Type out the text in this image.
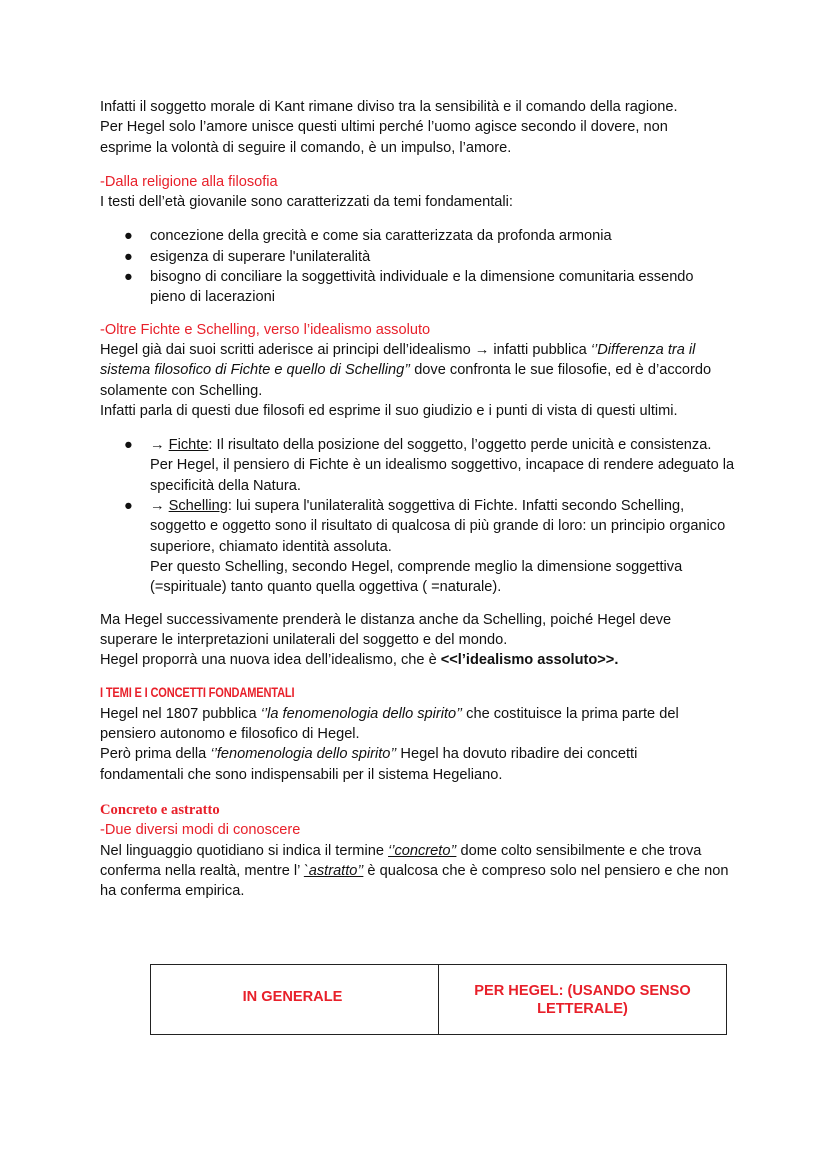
Infatti il soggetto morale di Kant rimane diviso tra la sensibilità e il comando della ragione.
Per Hegel solo l’amore unisce questi ultimi perché l’uomo agisce secondo il dovere, non
esprime la volontà di seguire il comando, è un impulso, l’amore.

-Dalla religione alla filosofia

I testi dell’età giovanile sono caratterizzati da temi fondamentali:

● concezione della grecità e come sia caratterizzata da profonda armonia
● esigenza di superare l'unilateralità
● bisogno di conciliare la soggettività individuale e la dimensione comunitaria essendo pieno di lacerazioni

-Oltre Fichte e Schelling, verso l’idealismo assoluto

Hegel già dai suoi scritti aderisce ai principi dell’idealismo → infatti pubblica ‘’Differenza tra il sistema filosofico di Fichte e quello di Schelling’’ dove confronta le sue filosofie, ed è d’accordo solamente con Schelling.

Infatti parla di questi due filosofi ed esprime il suo giudizio e i punti di vista di questi ultimi.

● → Fichte: Il risultato della posizione del soggetto, l’oggetto perde unicità e consistenza.
Per Hegel, il pensiero di Fichte è un idealismo soggettivo, incapace di rendere adeguato la specificità della Natura.
● → Schelling: lui supera l'unilateralità soggettiva di Fichte. Infatti secondo Schelling, soggetto e oggetto sono il risultato di qualcosa di più grande di loro: un principio organico superiore, chiamato identità assoluta.
Per questo Schelling, secondo Hegel, comprende meglio la dimensione soggettiva (=spirituale) tanto quanto quella oggettiva ( =naturale).

Ma Hegel successivamente prenderà le distanza anche da Schelling, poiché Hegel deve superare le interpretazioni unilaterali del soggetto e del mondo.

Hegel proporrà una nuova idea dell’idealismo, che è <<l’idealismo assoluto>>.

I TEMI E I CONCETTI FONDAMENTALI

Hegel nel 1807 pubblica ‘’la fenomenologia dello spirito’’ che costituisce la prima parte del pensiero autonomo e filosofico di Hegel.

Però prima della ‘’fenomenologia dello spirito’’ Hegel ha dovuto ribadire dei concetti fondamentali che sono indispensabili per il sistema Hegeliano.

Concreto e astratto

-Due diversi modi di conoscere

Nel linguaggio quotidiano si indica il termine ‘’concreto’’ dome colto sensibilmente e che trova conferma nella realtà, mentre l’ `astratto’’ è qualcosa che è compreso solo nel pensiero e che non ha conferma empirica.

IN GENERALE	PER HEGEL: (USANDO SENSO LETTERALE)
